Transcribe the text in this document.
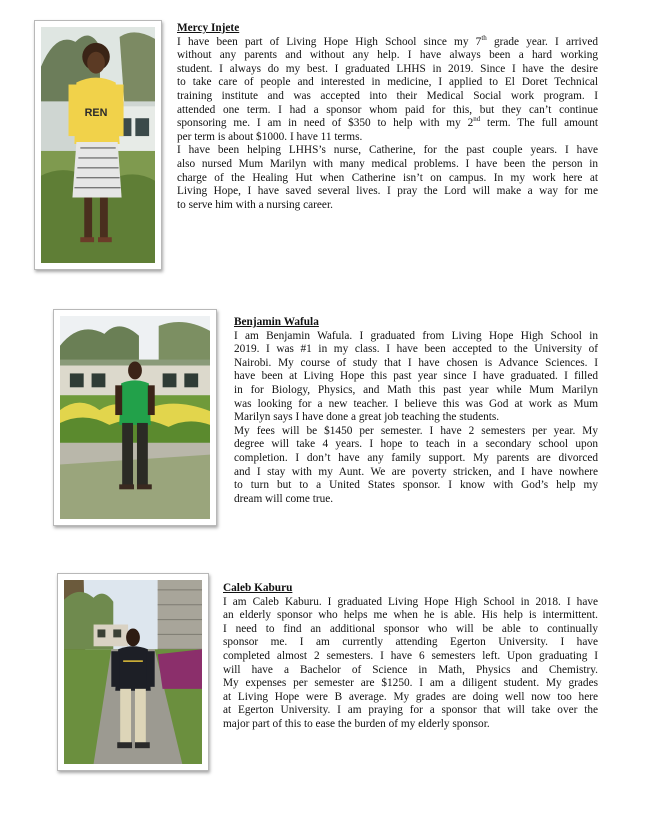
REN
Mercy Injete
I have been part of Living Hope High School since my 7th grade year. I arrived
without any parents and without any help. I have always been a hard working
student. I always do my best. I graduated LHHS in 2019. Since I have the desire
to take care of people and interested in medicine, I applied to El Doret Technical
training institute and was accepted into their Medical Social work program. I
attended one term. I had a sponsor whom paid for this, but they can’t continue
sponsoring me. I am in need of $350 to help with my 2nd term. The full amount
per term is about $1000. I have 11 terms.
I have been helping LHHS’s nurse, Catherine, for the past couple years. I have
also nursed Mum Marilyn with many medical problems. I have been the person in
charge of the Healing Hut when Catherine isn’t on campus. In my work here at
Living Hope, I have saved several lives. I pray the Lord will make a way for me
to serve him with a nursing career.
Benjamin Wafula
I am Benjamin Wafula. I graduated from Living Hope High School in
2019. I was #1 in my class. I have been accepted to the University of
Nairobi. My course of study that I have chosen is Advance Sciences. I
have been at Living Hope this past year since I have graduated. I filled
in for Biology, Physics, and Math this past year while Mum Marilyn
was looking for a new teacher. I believe this was God at work as Mum
Marilyn says I have done a great job teaching the students.
My fees will be $1450 per semester. I have 2 semesters per year. My
degree will take 4 years. I hope to teach in a secondary school upon
completion. I don’t have any family support. My parents are divorced
and I stay with my Aunt. We are poverty stricken, and I have nowhere
to turn but to a United States sponsor. I know with God’s help my
dream will come true.
Caleb Kaburu
I am Caleb Kaburu. I graduated Living Hope High School in 2018. I have
an elderly sponsor who helps me when he is able. His help is intermittent.
I need to find an additional sponsor who will be able to continually
sponsor me. I am currently attending Egerton University. I have
completed almost 2 semesters. I have 6 semesters left. Upon graduating I
will have a Bachelor of Science in Math, Physics and Chemistry.
My expenses per semester are $1250. I am a diligent student. My grades
at Living Hope were B average. My grades are doing well now too here
at Egerton University. I am praying for a sponsor that will take over the
major part of this to ease the burden of my elderly sponsor.
